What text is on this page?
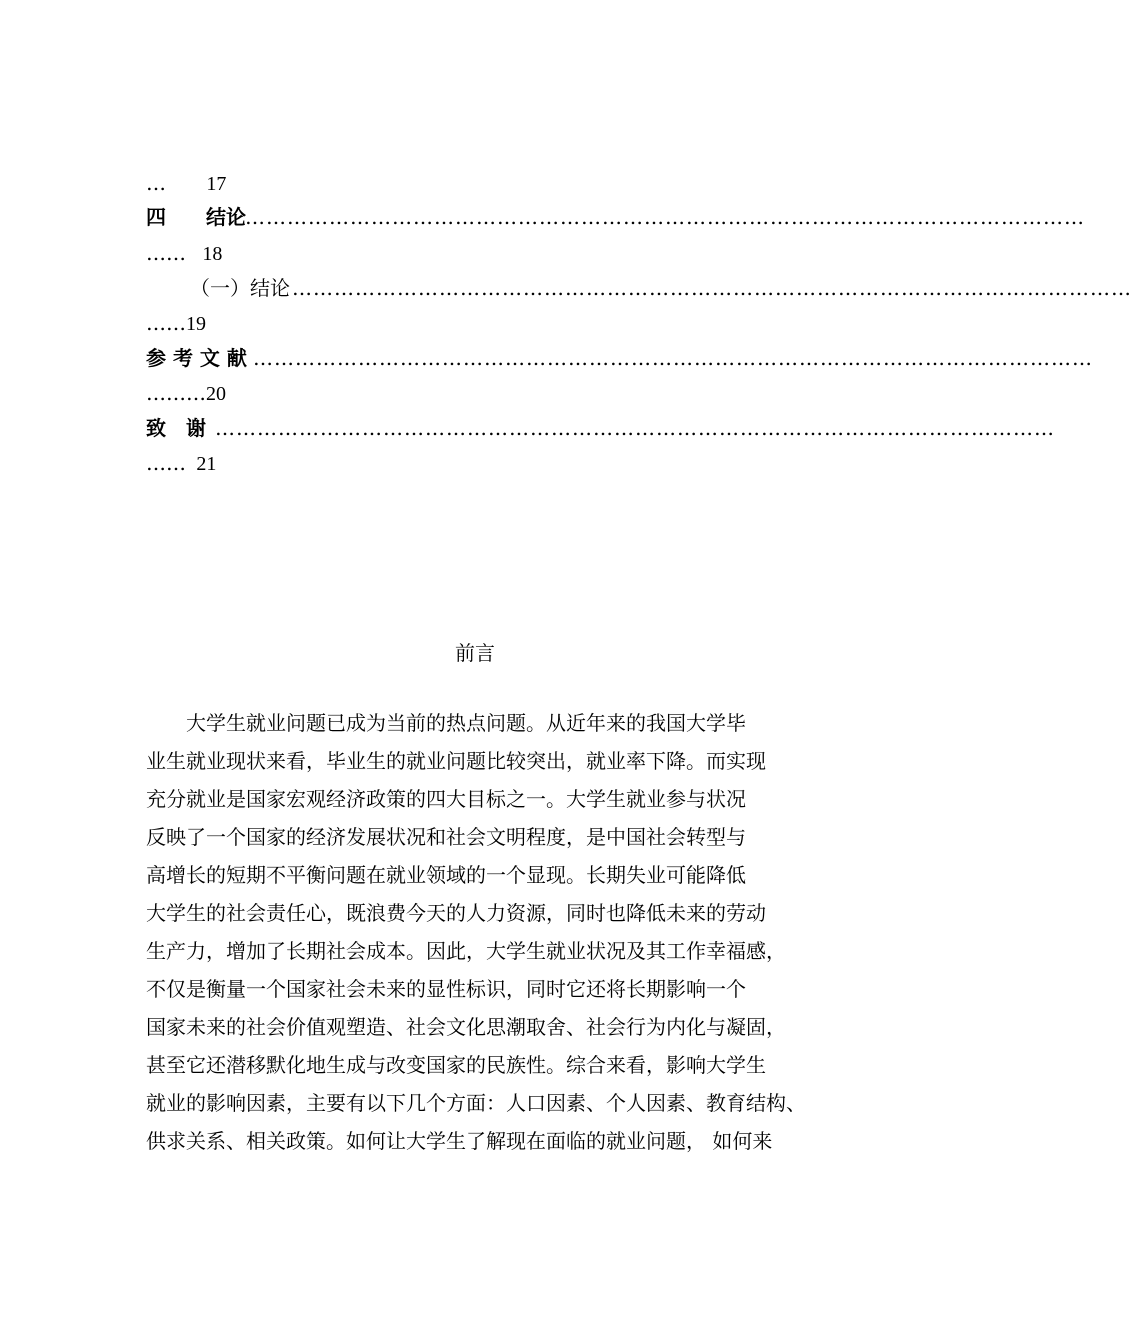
… 17
四　　结论 …………………………………………………………………………………………………………
…… 18
（一）结论 …………………………………………………………………………………………………………
……19
参 考 文 献 …………………………………………………………………………………………………………
………20
致　谢 …………………………………………………………………………………………………………
…… 21
前言
　　大学生就业问题已成为当前的热点问题。从近年来的我国大学毕
业生就业现状来看，毕业生的就业问题比较突出，就业率下降。而实现
充分就业是国家宏观经济政策的四大目标之一。大学生就业参与状况
反映了一个国家的经济发展状况和社会文明程度，是中国社会转型与
高增长的短期不平衡问题在就业领域的一个显现。长期失业可能降低
大学生的社会责任心，既浪费今天的人力资源，同时也降低未来的劳动
生产力，增加了长期社会成本。因此，大学生就业状况及其工作幸福感，
不仅是衡量一个国家社会未来的显性标识，同时它还将长期影响一个
国家未来的社会价值观塑造、社会文化思潮取舍、社会行为内化与凝固，
甚至它还潜移默化地生成与改变国家的民族性。综合来看，影响大学生
就业的影响因素，主要有以下几个方面：人口因素、个人因素、教育结构、
供求关系、相关政策。如何让大学生了解现在面临的就业问题， 如何来
